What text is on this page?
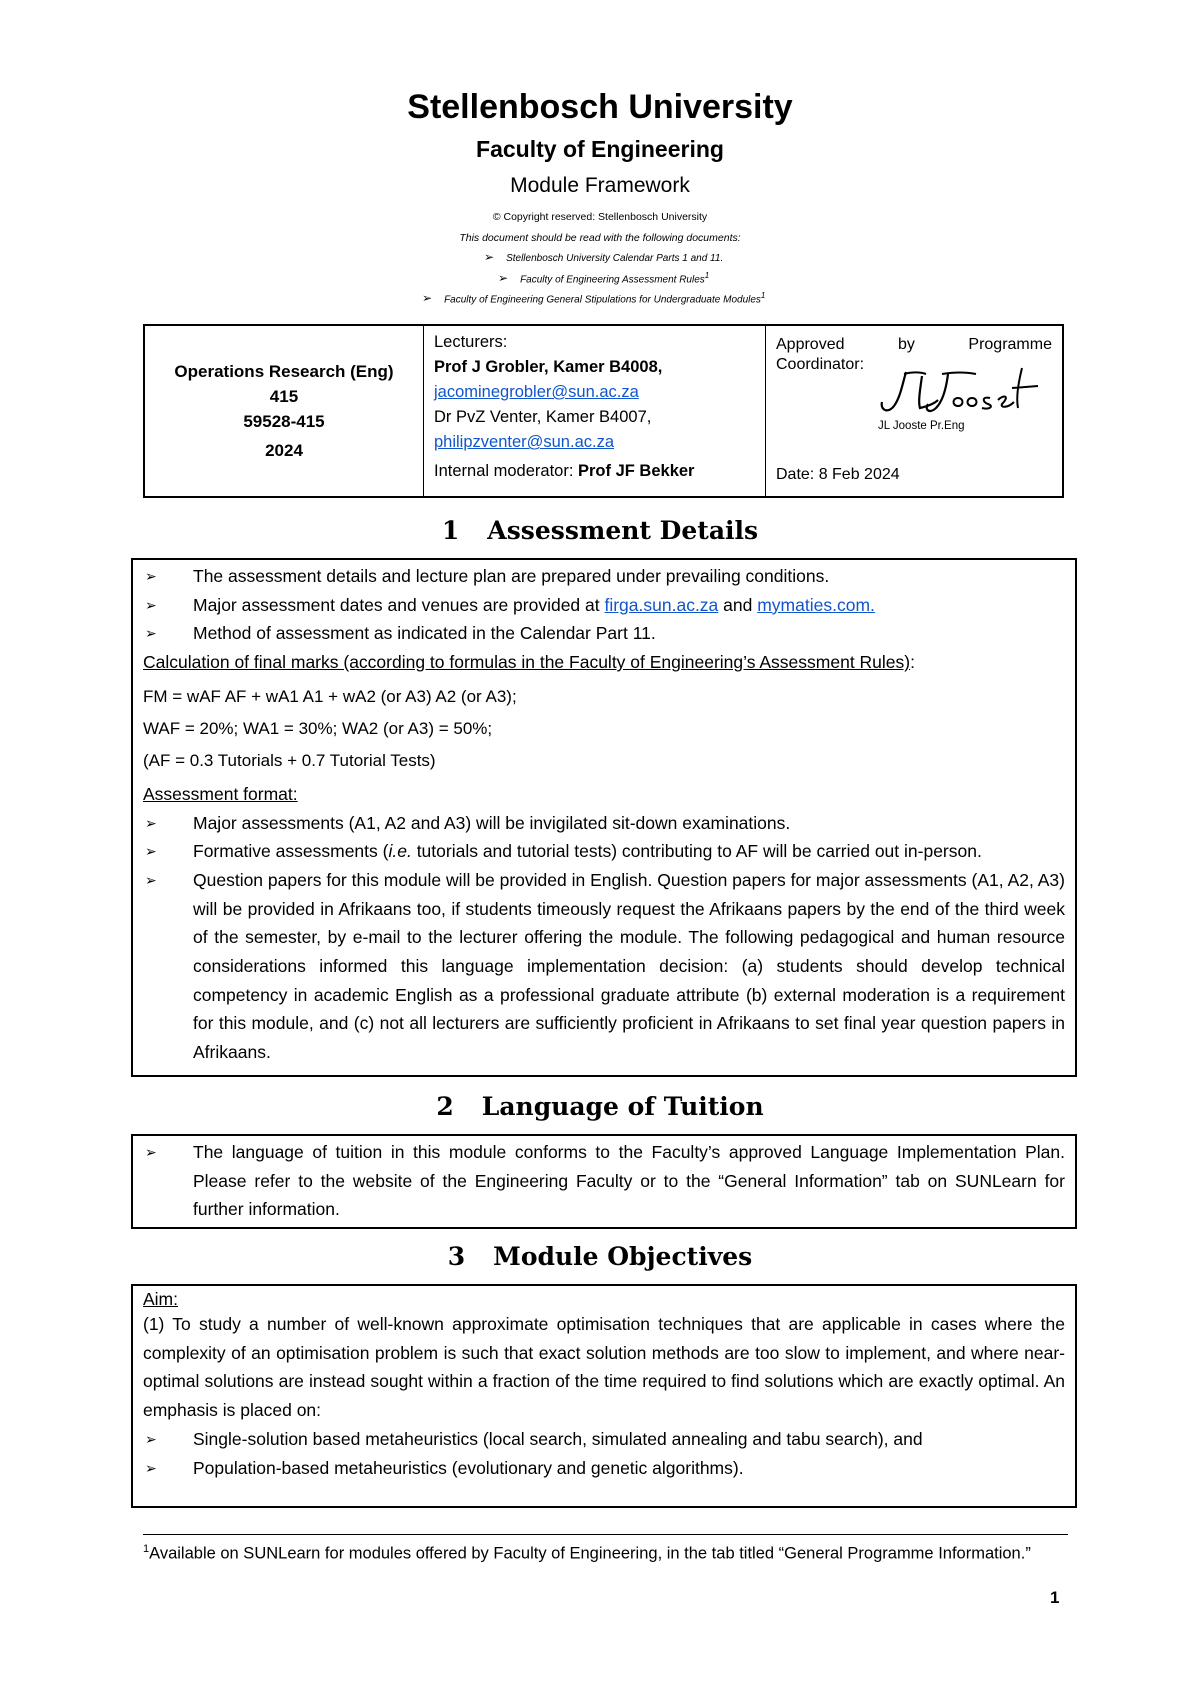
Stellenbosch University
Faculty of Engineering
Module Framework
© Copyright reserved: Stellenbosch University
This document should be read with the following documents:
➢ Stellenbosch University Calendar Parts 1 and 11.
➢ Faculty of Engineering Assessment Rules$^1$
➢ Faculty of Engineering General Stipulations for Undergraduate Modules$^1$
Operations Research (Eng)
415
59528-415
2024
Lecturers:
Prof J Grobler, Kamer B4008,
jacominegrobler@sun.ac.za
Dr PvZ Venter, Kamer B4007,
philipzventer@sun.ac.za
Internal moderator: Prof JF Bekker
Approved	by	Programme
Coordinator:
JL Jooste Pr.Eng
Date: 8 Feb 2024
1 Assessment Details
➢ The assessment details and lecture plan are prepared under prevailing conditions.
➢ Major assessment dates and venues are provided at firga.sun.ac.za and mymaties.com.
➢ Method of assessment as indicated in the Calendar Part 11.
Calculation of final marks (according to formulas in the Faculty of Engineering’s Assessment Rules):
FM = wAF AF + wA1 A1 + wA2 (or A3) A2 (or A3);
WAF = 20%; WA1 = 30%; WA2 (or A3) = 50%;
(AF = 0.3 Tutorials + 0.7 Tutorial Tests)
Assessment format:
➢ Major assessments (A1, A2 and A3) will be invigilated sit-down examinations.
➢ Formative assessments (i.e. tutorials and tutorial tests) contributing to AF will be carried out in-person.
➢ Question papers for this module will be provided in English. Question papers for major assessments (A1, A2, A3) will be provided in Afrikaans too, if students timeously request the Afrikaans papers by the end of the third week of the semester, by e-mail to the lecturer offering the module. The following pedagogical and human resource considerations informed this language implementation decision: (a) students should develop technical competency in academic English as a professional graduate attribute (b) external moderation is a requirement for this module, and (c) not all lecturers are sufficiently proficient in Afrikaans to set final year question papers in Afrikaans.
2 Language of Tuition
➢ The language of tuition in this module conforms to the Faculty’s approved Language Implementation Plan. Please refer to the website of the Engineering Faculty or to the “General Information” tab on SUNLearn for further information.
3 Module Objectives
Aim:
(1) To study a number of well-known approximate optimisation techniques that are applicable in cases where the complexity of an optimisation problem is such that exact solution methods are too slow to implement, and where near-optimal solutions are instead sought within a fraction of the time required to find solutions which are exactly optimal. An emphasis is placed on:
➢ Single-solution based metaheuristics (local search, simulated annealing and tabu search), and
➢ Population-based metaheuristics (evolutionary and genetic algorithms).
$^1$Available on SUNLearn for modules offered by Faculty of Engineering, in the tab titled “General Programme Information.”
1
